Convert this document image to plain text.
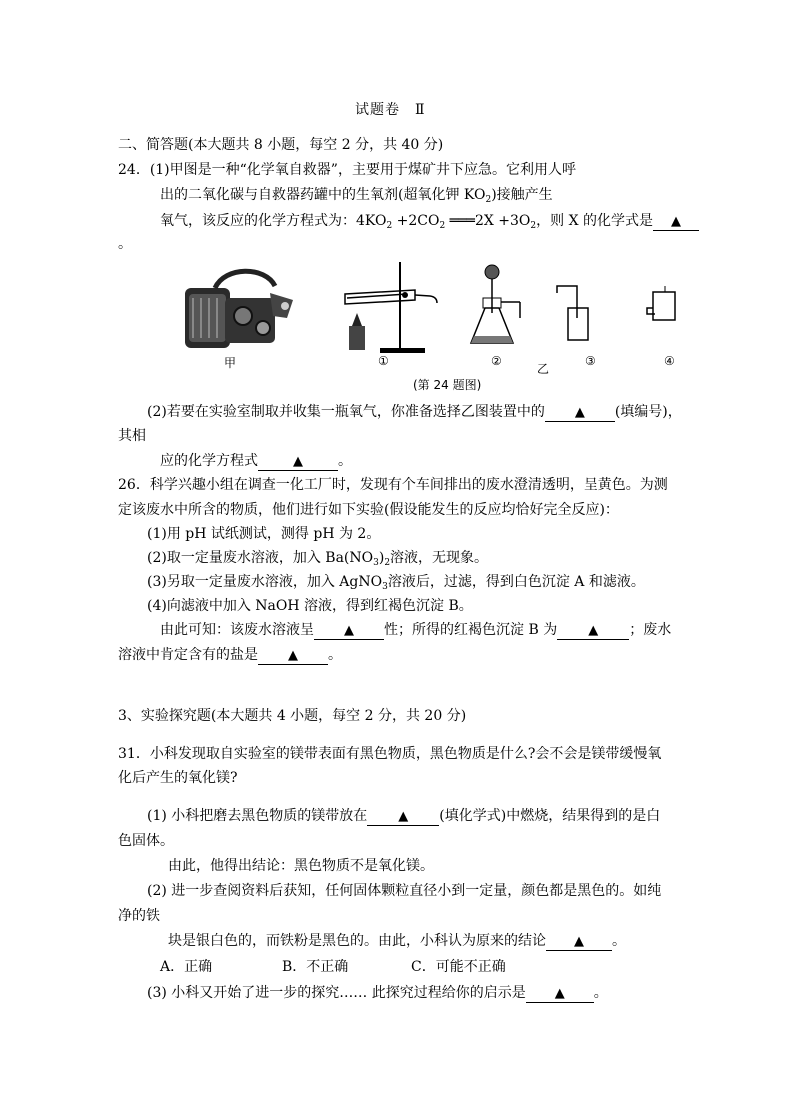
试题卷　Ⅱ
二、简答题(本大题共 8 小题，每空 2 分，共 40 分)
24．(1)甲图是一种“化学氧自救器”，主要用于煤矿井下应急。它利用人呼
出的二氧化碳与自救器药罐中的生氧剂(超氧化钾 $KO_2$)接触产生
氧气，该反应的化学方程式为：$4KO_2 +2CO_2$ ═══2X $+3O_2$，则 X 的化学式是 ▲
。
甲	①	②
乙
③	④
(第 24 题图)
(2)若要在实验室制取并收集一瓶氧气，你准备选择乙图装置中的 ▲ (填编号)，
其相
应的化学方程式	▲	。
26．科学兴趣小组在调查一化工厂时，发现有个车间排出的废水澄清透明，呈黄色。为测
定该废水中所含的物质，他们进行如下实验(假设能发生的反应均恰好完全反应)：
(1)用 pH 试纸测试，测得 pH 为 2。
(2)取一定量废水溶液，加入 $Ba(NO_3)_2$溶液，无现象。
(3)另取一定量废水溶液，加入 AgNO$_3$溶液后，过滤，得到白色沉淀 A 和滤液。
(4)向滤液中加入 NaOH 溶液，得到红褐色沉淀 B。
由此可知：该废水溶液呈 ▲ 性；所得的红褐色沉淀 B 为 ▲ ；废水
溶液中肯定含有的盐是 ▲ 。
3、实验探究题(本大题共 4 小题，每空 2 分，共 20 分)
31．小科发现取自实验室的镁带表面有黑色物质，黑色物质是什么?会不会是镁带缓慢氧
化后产生的氧化镁?
(1) 小科把磨去黑色物质的镁带放在 ▲ (填化学式)中燃烧，结果得到的是白
色固体。
由此，他得出结论：黑色物质不是氧化镁。
(2) 进一步查阅资料后获知，任何固体颗粒直径小到一定量，颜色都是黑色的。如纯
净的铁
块是银白色的，而铁粉是黑色的。由此，小科认为原来的结论 ▲ 。
A．正确	B．不正确	C．可能不正确
(3) 小科又开始了进一步的探究…… 此探究过程给你的启示是 ▲ 。
